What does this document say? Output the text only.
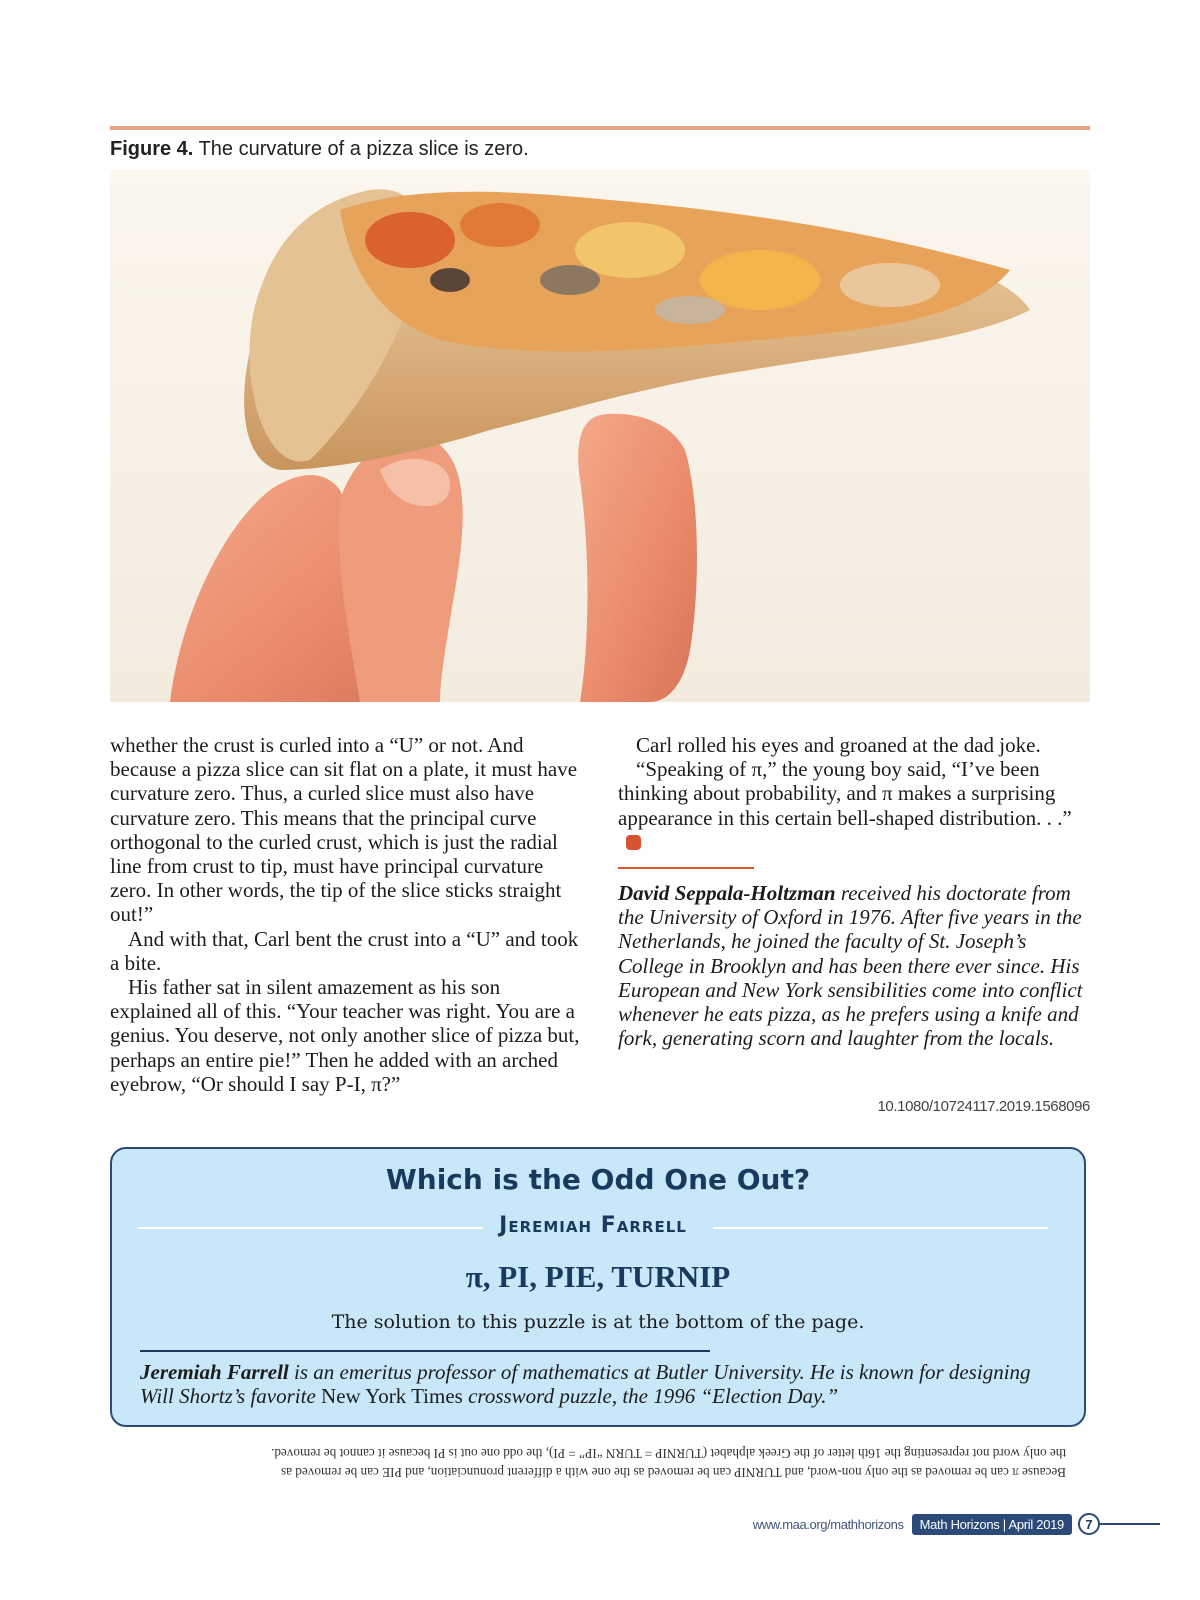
Figure 4. The curvature of a pizza slice is zero.

whether the crust is curled into a “U” or not. And because a pizza slice can sit flat on a plate, it must have curvature zero. Thus, a curled slice must also have curvature zero. This means that the principal curve orthogonal to the curled crust, which is just the radial line from crust to tip, must have principal curvature zero. In other words, the tip of the slice sticks straight out!”

And with that, Carl bent the crust into a “U” and took a bite.

His father sat in silent amazement as his son explained all of this. “Your teacher was right. You are a genius. You deserve, not only another slice of pizza but, perhaps an entire pie!” Then he added with an arched eyebrow, “Or should I say P-I, π?”

Carl rolled his eyes and groaned at the dad joke.

“Speaking of π,” the young boy said, “I’ve been thinking about probability, and π makes a surprising appearance in this certain bell-shaped distribution. . .”

David Seppala-Holtzman received his doctorate from the University of Oxford in 1976. After five years in the Netherlands, he joined the faculty of St. Joseph’s College in Brooklyn and has been there ever since. His European and New York sensibilities come into conflict whenever he eats pizza, as he prefers using a knife and fork, generating scorn and laughter from the locals.

10.1080/10724117.2019.1568096
Which is the Odd One Out?
Jeremiah Farrell
π, PI, PIE, TURNIP
The solution to this puzzle is at the bottom of the page.
Jeremiah Farrell is an emeritus professor of mathematics at Butler University. He is known for designing Will Shortz’s favorite New York Times crossword puzzle, the 1996 “Election Day.”

Because π can be removed as the only non-word, and TURNIP can be removed as the one with a different pronunciation, and PIE can be removed as

the only word not representing the 16th letter of the Greek alphabet (TURNIP = TURN “IP” = PI), the odd one out is PI because it cannot be removed.

www.maa.org/mathhorizons	Math Horizons | April 2019	7
